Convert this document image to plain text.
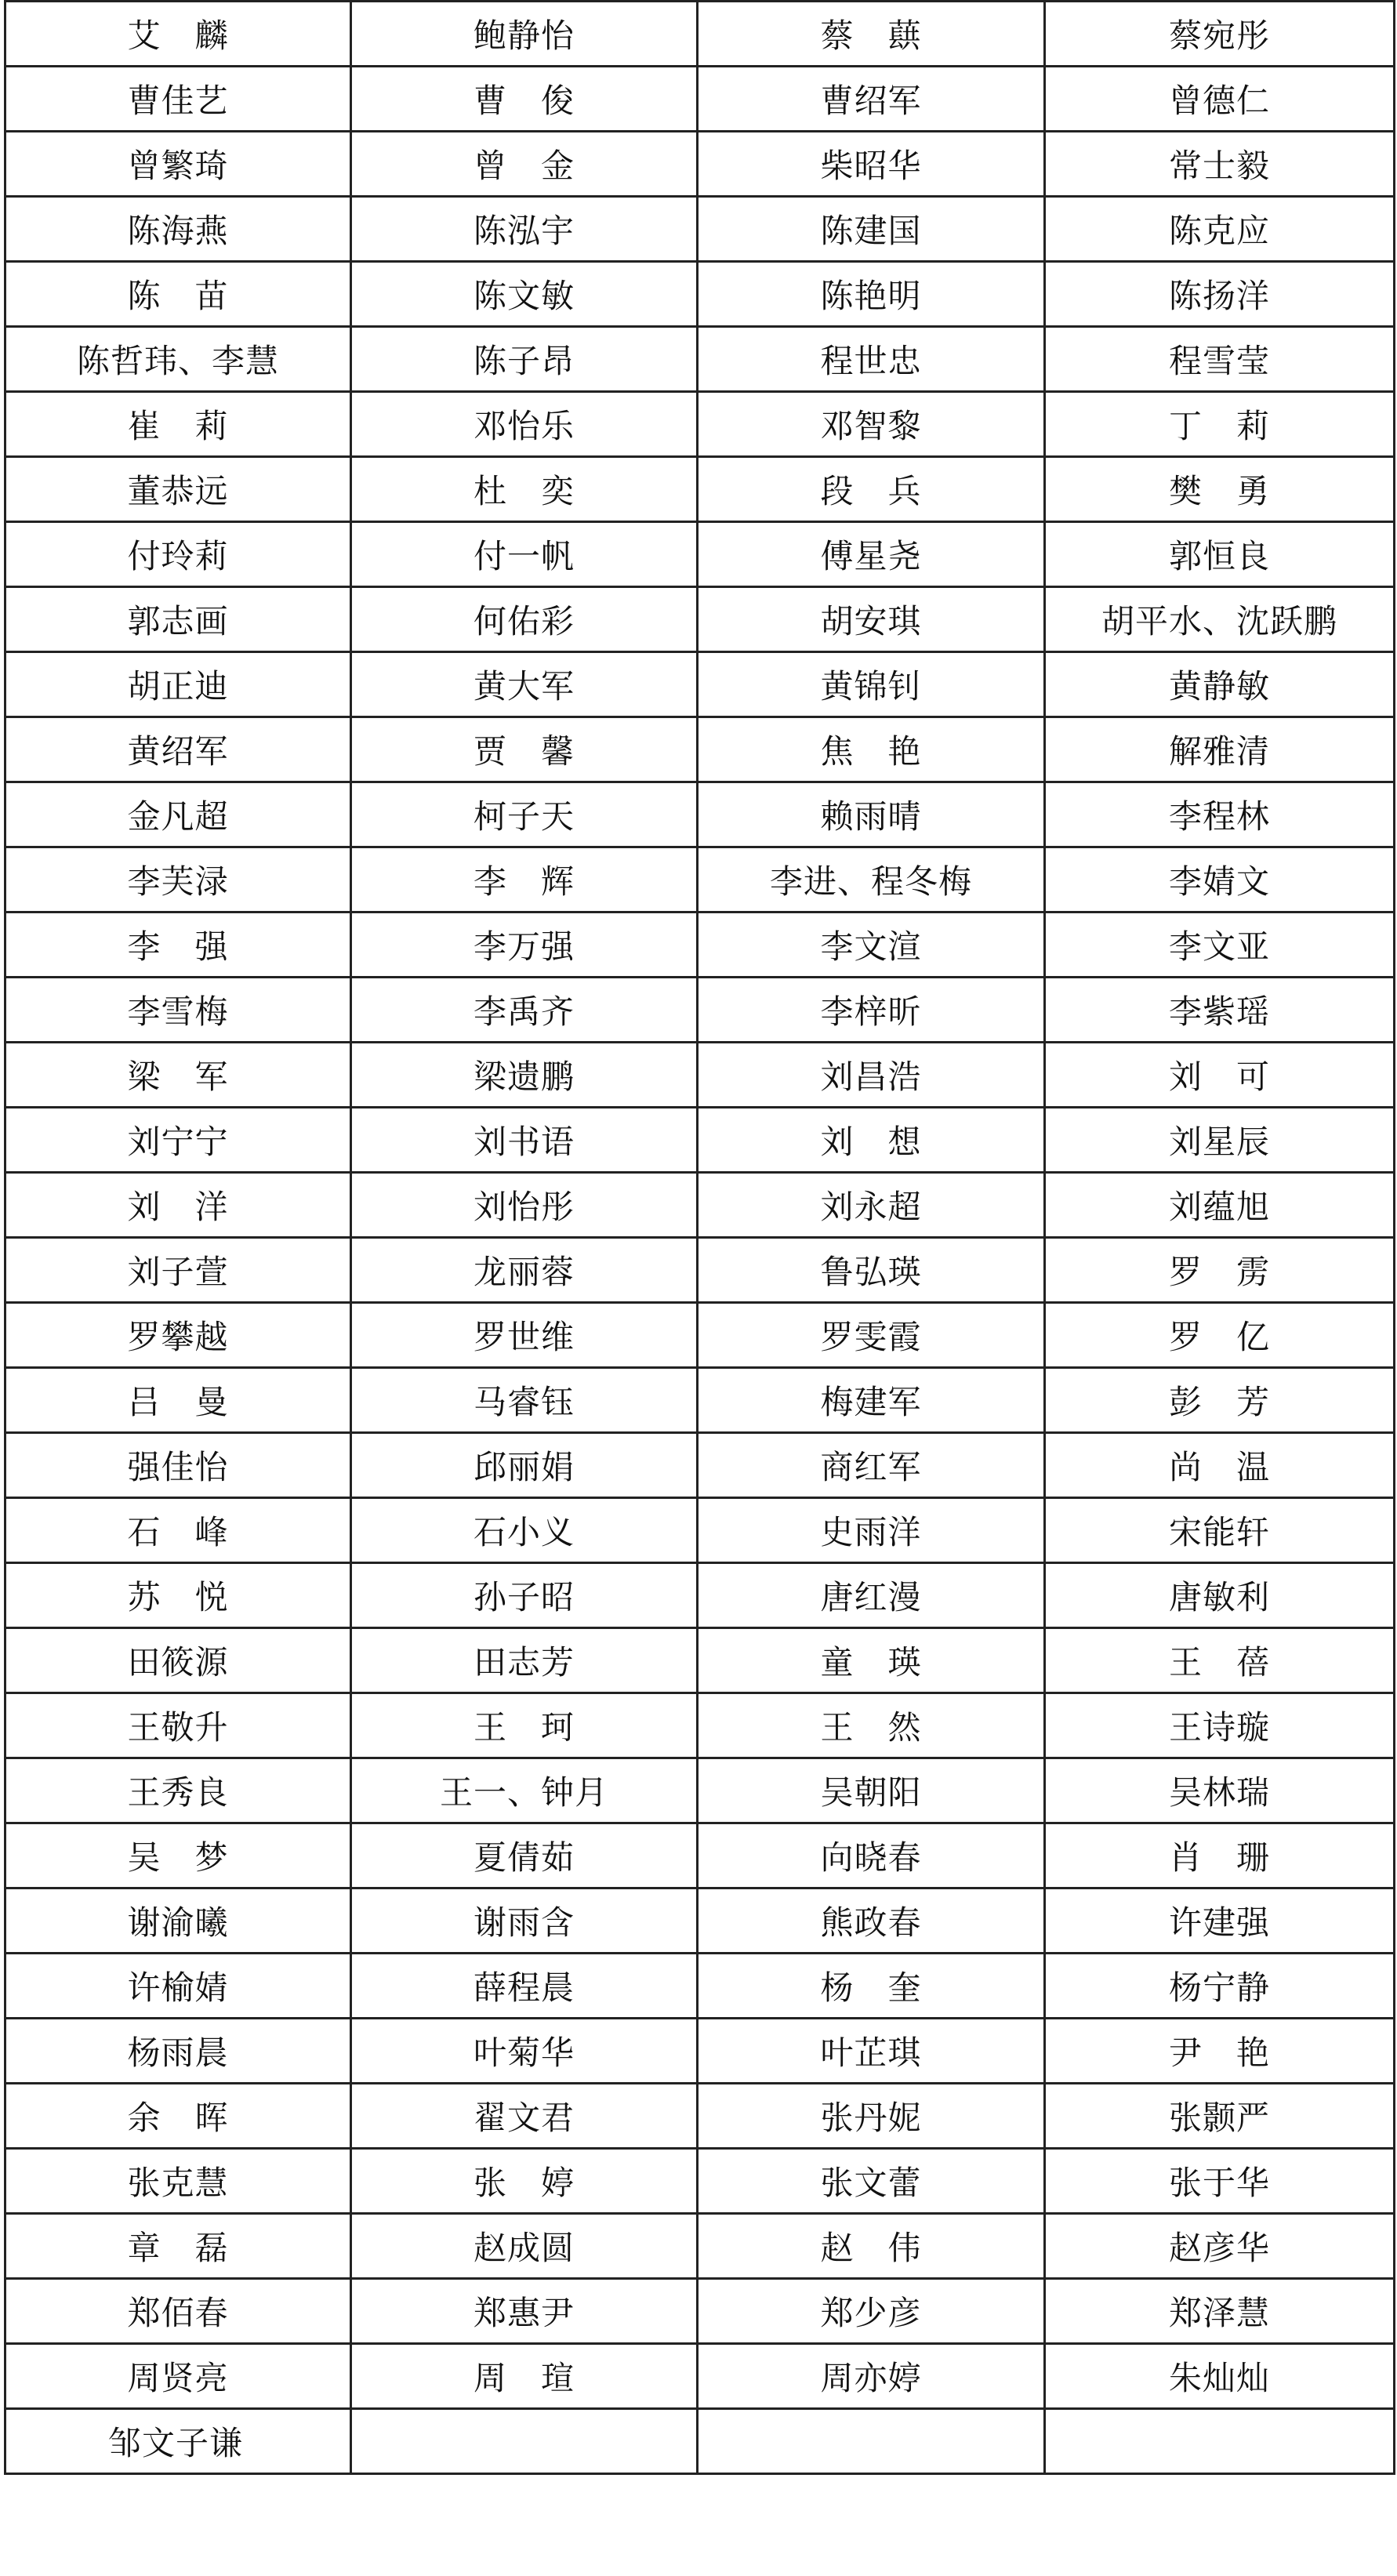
艾　麟	鲍静怡	蔡　蕻	蔡宛彤
曹佳艺	曹　俊	曹绍军	曾德仁
曾繁琦	曾　金	柴昭华	常士毅
陈海燕	陈泓宇	陈建国	陈克应
陈　苗	陈文敏	陈艳明	陈扬洋
陈哲玮、李慧	陈子昂	程世忠	程雪莹
崔　莉	邓怡乐	邓智黎	丁　莉
董恭远	杜　奕	段　兵	樊　勇
付玲莉	付一帆	傅星尧	郭恒良
郭志画	何佑彩	胡安琪	胡平水、沈跃鹏
胡正迪	黄大军	黄锦钊	黄静敏
黄绍军	贾　馨	焦　艳	解雅清
金凡超	柯子天	赖雨晴	李程林
李芙渌	李　辉	李进、程冬梅	李婧文
李　强	李万强	李文渲	李文亚
李雪梅	李禹齐	李梓昕	李紫瑶
梁　军	梁遗鹏	刘昌浩	刘　可
刘宁宁	刘书语	刘　想	刘星辰
刘　洋	刘怡彤	刘永超	刘蕴旭
刘子萱	龙丽蓉	鲁弘瑛	罗　雳
罗攀越	罗世维	罗雯霞	罗　亿
吕　曼	马睿钰	梅建军	彭　芳
强佳怡	邱丽娟	商红军	尚　温
石　峰	石小义	史雨洋	宋能轩
苏　悦	孙子昭	唐红漫	唐敏利
田筱源	田志芳	童　瑛	王　蓓
王敬升	王　珂	王　然	王诗璇
王秀良	王一、钟月	吴朝阳	吴林瑞
吴　梦	夏倩茹	向晓春	肖　珊
谢渝曦	谢雨含	熊政春	许建强
许榆婧	薛程晨	杨　奎	杨宁静
杨雨晨	叶菊华	叶芷琪	尹　艳
余　晖	翟文君	张丹妮	张颢严
张克慧	张　婷	张文蕾	张于华
章　磊	赵成圆	赵　伟	赵彦华
郑佰春	郑惠尹	郑少彦	郑泽慧
周贤亮	周　瑄	周亦婷	朱灿灿
邹文子谦			
